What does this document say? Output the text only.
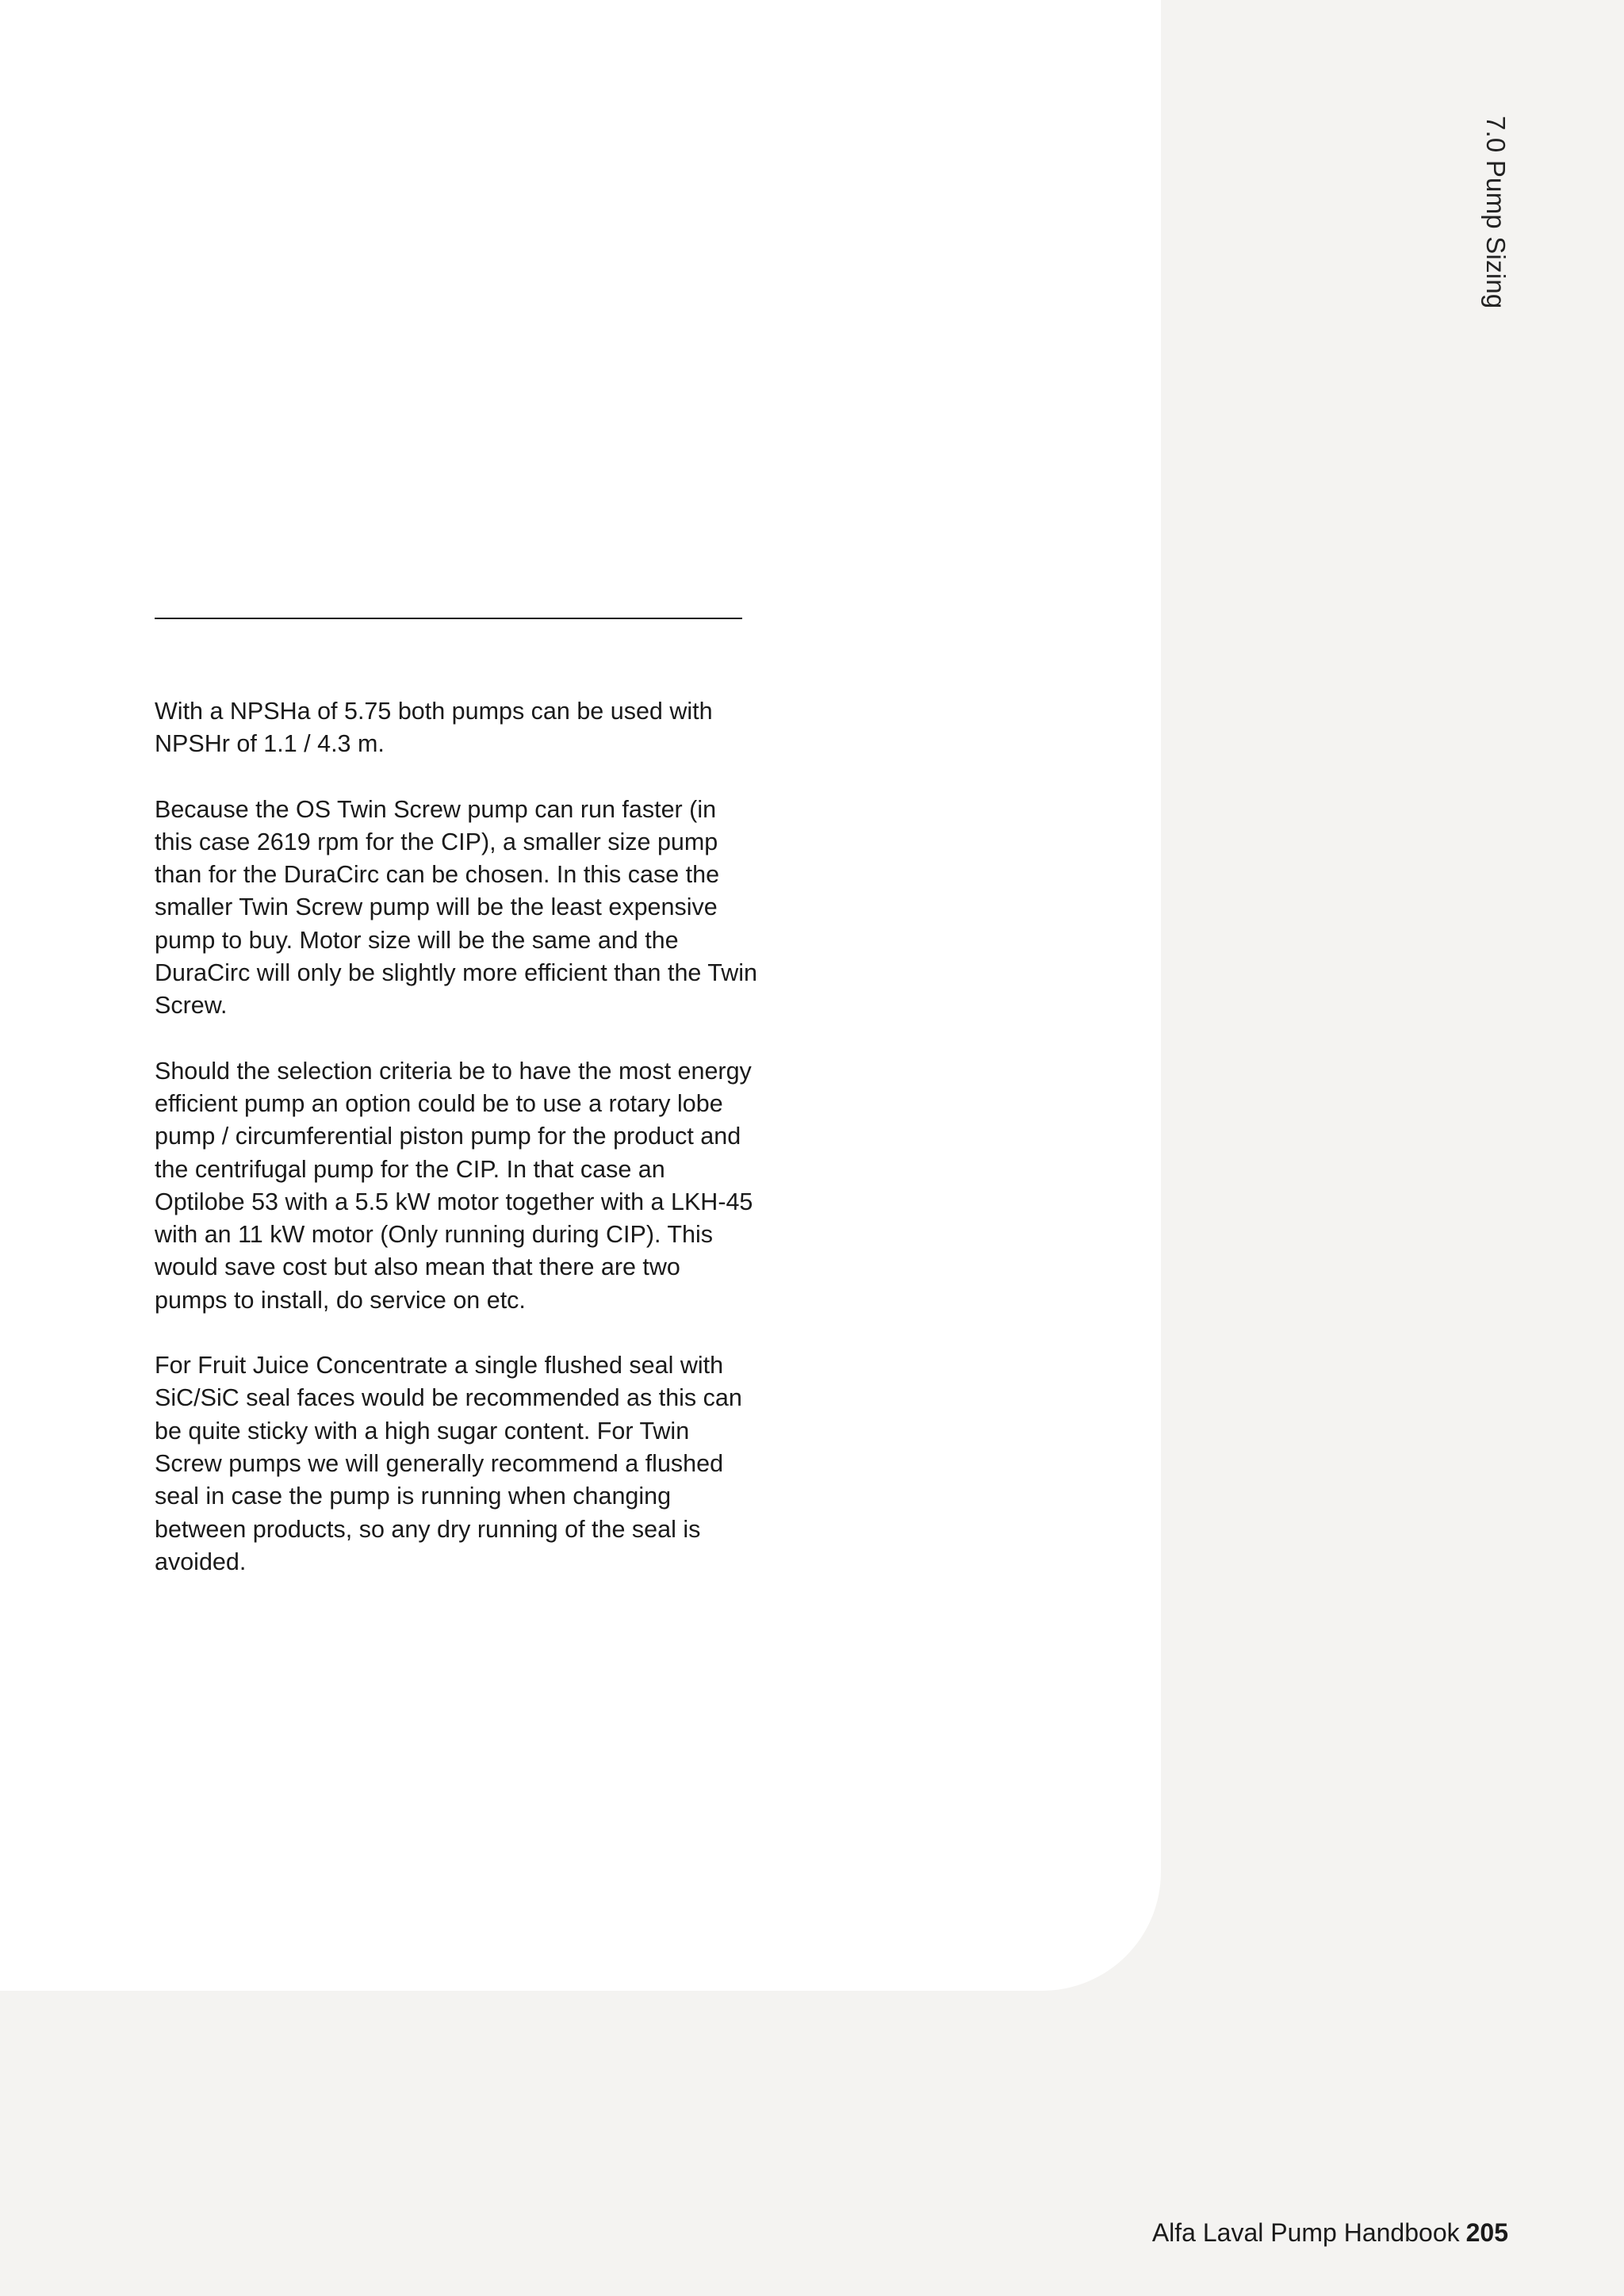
7.0 Pump Sizing

With a NPSHa of 5.75 both pumps can be used with NPSHr of 1.1 / 4.3 m.

Because the OS Twin Screw pump can run faster (in this case 2619 rpm for the CIP), a smaller size pump than for the DuraCirc can be chosen. In this case the smaller Twin Screw pump will be the least expensive pump to buy. Motor size will be the same and the DuraCirc will only be slightly more efficient than the Twin Screw.

Should the selection criteria be to have the most energy efficient pump an option could be to use a rotary lobe pump / circumferential piston pump for the product and the centrifugal pump for the CIP. In that case an Optilobe 53 with a 5.5 kW motor together with a LKH-45 with an 11 kW motor (Only running during CIP). This would save cost but also mean that there are two pumps to install, do service on etc.

For Fruit Juice Concentrate a single flushed seal with SiC/SiC seal faces would be recommended as this can be quite sticky with a high sugar content. For Twin Screw pumps we will generally recommend a flushed seal in case the pump is running when changing between products, so any dry running of the seal is avoided.

Alfa Laval Pump Handbook 205
